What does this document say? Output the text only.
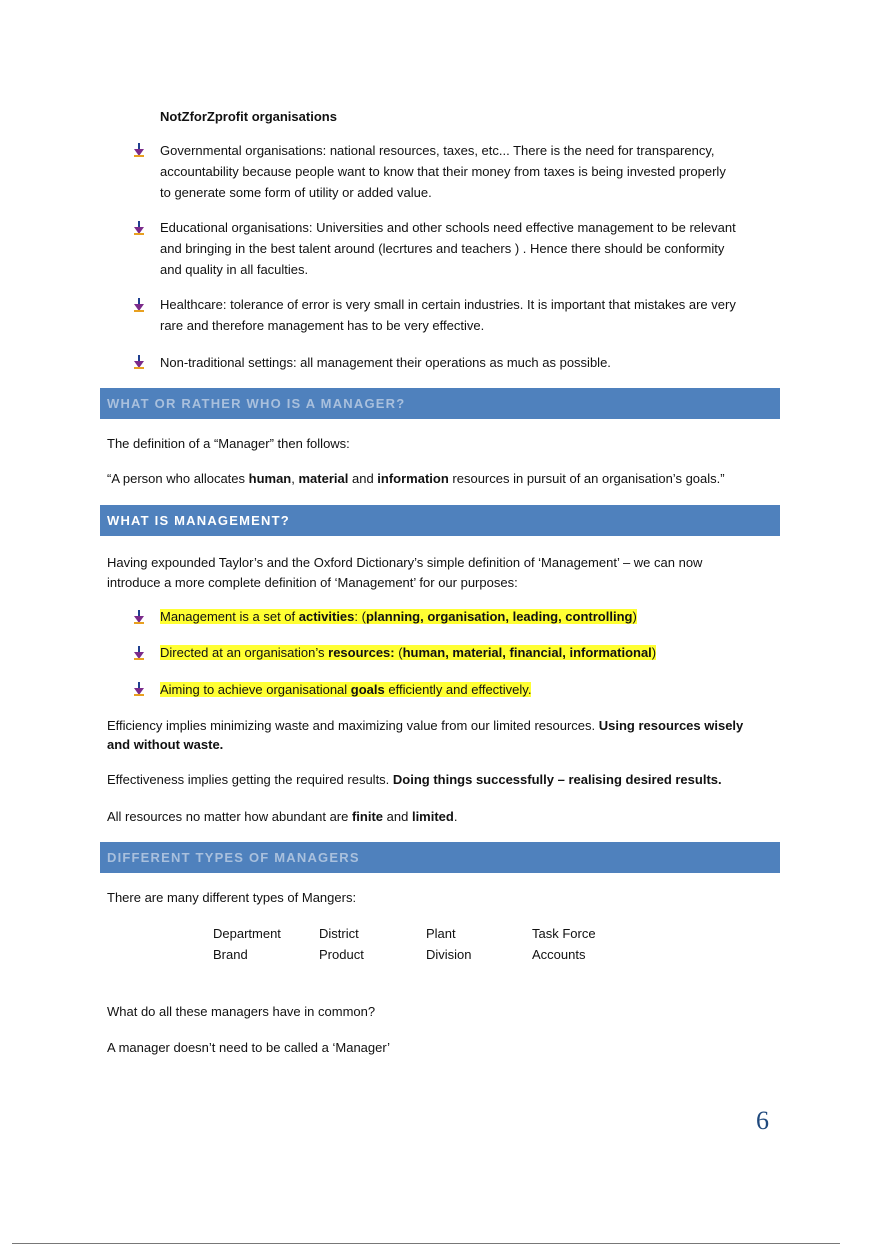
NotZforZprofit organisations
Governmental organisations: national resources, taxes, etc... There is the need for transparency,
accountability because people want to know that their money from taxes is being invested properly
to generate some form of utility or added value.
Educational organisations: Universities and other schools need effective management to be relevant
and bringing in the best talent around (lecrtures and teachers ) . Hence there should be conformity
and quality in all faculties.
Healthcare: tolerance of error is very small in certain industries. It is important that mistakes are very
rare and therefore management has to be very effective.
Non-traditional settings: all management their operations as much as possible.
WHAT OR RATHER WHO IS A MANAGER?
The definition of a “Manager” then follows:
“A person who allocates human, material and information resources in pursuit of an organisation’s goals.”
WHAT IS MANAGEMENT?
Having expounded Taylor’s and the Oxford Dictionary’s simple definition of ‘Management’ – we can now
introduce a more complete definition of ‘Management’ for our purposes:
Management is a set of activities: (planning, organisation, leading, controlling)
Directed at an organisation’s resources: (human, material, financial, informational)
Aiming to achieve organisational goals efficiently and effectively.
Efficiency implies minimizing waste and maximizing value from our limited resources. Using resources wisely
and without waste.
Effectiveness implies getting the required results. Doing things successfully – realising desired results.
All resources no matter how abundant are finite and limited.
DIFFERENT TYPES OF MANAGERS
There are many different types of Mangers:
Department	District	Plant	Task Force
Brand	Product	Division	Accounts
What do all these managers have in common?
A manager doesn’t need to be called a ‘Manager’
6
